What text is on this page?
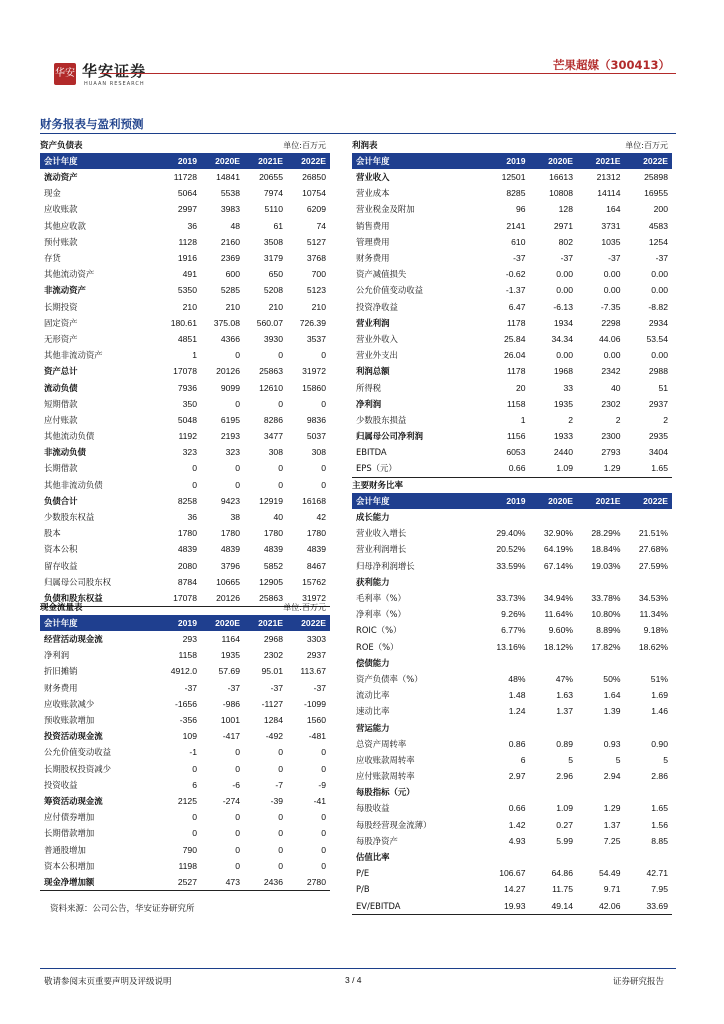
华安 华安证券
HUAAN RESEARCH
芒果超媒（300413）
财务报表与盈利预测
资产负债表	单位:百万元
会计年度	2019	2020E	2021E	2022E
流动资产	11728	14841	20655	26850
现金	5064	5538	7974	10754
应收账款	2997	3983	5110	6209
其他应收款	36	48	61	74
预付账款	1128	2160	3508	5127
存货	1916	2369	3179	3768
其他流动资产	491	600	650	700
非流动资产	5350	5285	5208	5123
长期投资	210	210	210	210
固定资产	180.61	375.08	560.07	726.39
无形资产	4851	4366	3930	3537
其他非流动资产	1	0	0	0
资产总计	17078	20126	25863	31972
流动负债	7936	9099	12610	15860
短期借款	350	0	0	0
应付账款	5048	6195	8286	9836
其他流动负债	1192	2193	3477	5037
非流动负债	323	323	308	308
长期借款	0	0	0	0
其他非流动负债	0	0	0	0
负债合计	8258	9423	12919	16168
少数股东权益	36	38	40	42
股本	1780	1780	1780	1780
资本公积	4839	4839	4839	4839
留存收益	2080	3796	5852	8467
归属母公司股东权	8784	10665	12905	15762
负债和股东权益	17078	20126	25863	31972
利润表	单位:百万元
会计年度	2019	2020E	2021E	2022E
营业收入	12501	16613	21312	25898
营业成本	8285	10808	14114	16955
营业税金及附加	96	128	164	200
销售费用	2141	2971	3731	4583
管理费用	610	802	1035	1254
财务费用	-37	-37	-37	-37
资产减值损失	-0.62	0.00	0.00	0.00
公允价值变动收益	-1.37	0.00	0.00	0.00
投资净收益	6.47	-6.13	-7.35	-8.82
营业利润	1178	1934	2298	2934
营业外收入	25.84	34.34	44.06	53.54
营业外支出	26.04	0.00	0.00	0.00
利润总额	1178	1968	2342	2988
所得税	20	33	40	51
净利润	1158	1935	2302	2937
少数股东损益	1	2	2	2
归属母公司净利润	1156	1933	2300	2935
EBITDA	6053	2440	2793	3404
EPS（元）	0.66	1.09	1.29	1.65
主要财务比率
会计年度	2019	2020E	2021E	2022E
成长能力				
营业收入增长	29.40%	32.90%	28.29%	21.51%
营业利润增长	20.52%	64.19%	18.84%	27.68%
归母净利润增长	33.59%	67.14%	19.03%	27.59%
获利能力				
毛利率（%）	33.73%	34.94%	33.78%	34.53%
净利率（%）	9.26%	11.64%	10.80%	11.34%
ROIC（%）	6.77%	9.60%	8.89%	9.18%
ROE（%）	13.16%	18.12%	17.82%	18.62%
偿债能力				
资产负债率（%）	48%	47%	50%	51%
流动比率	1.48	1.63	1.64	1.69
速动比率	1.24	1.37	1.39	1.46
营运能力				
总资产周转率	0.86	0.89	0.93	0.90
应收账款周转率	6	5	5	5
应付账款周转率	2.97	2.96	2.94	2.86
每股指标（元）				
每股收益	0.66	1.09	1.29	1.65
每股经营现金流薄）	1.42	0.27	1.37	1.56
每股净资产	4.93	5.99	7.25	8.85
估值比率				
P/E	106.67	64.86	54.49	42.71
P/B	14.27	11.75	9.71	7.95
EV/EBITDA	19.93	49.14	42.06	33.69
现金流量表	单位:百万元
会计年度	2019	2020E	2021E	2022E
经营活动现金流	293	1164	2968	3303
净利润	1158	1935	2302	2937
折旧摊销	4912.0	57.69	95.01	113.67
财务费用	-37	-37	-37	-37
应收账款减少	-1656	-986	-1127	-1099
预收账款增加	-356	1001	1284	1560
投资活动现金流	109	-417	-492	-481
公允价值变动收益	-1	0	0	0
长期股权投资减少	0	0	0	0
投资收益	6	-6	-7	-9
筹资活动现金流	2125	-274	-39	-41
应付债券增加	0	0	0	0
长期借款增加	0	0	0	0
普通股增加	790	0	0	0
资本公积增加	1198	0	0	0
现金净增加额	2527	473	2436	2780
资料来源：公司公告，华安证券研究所
敬请参阅末页重要声明及评级说明	3 / 4	证券研究报告
